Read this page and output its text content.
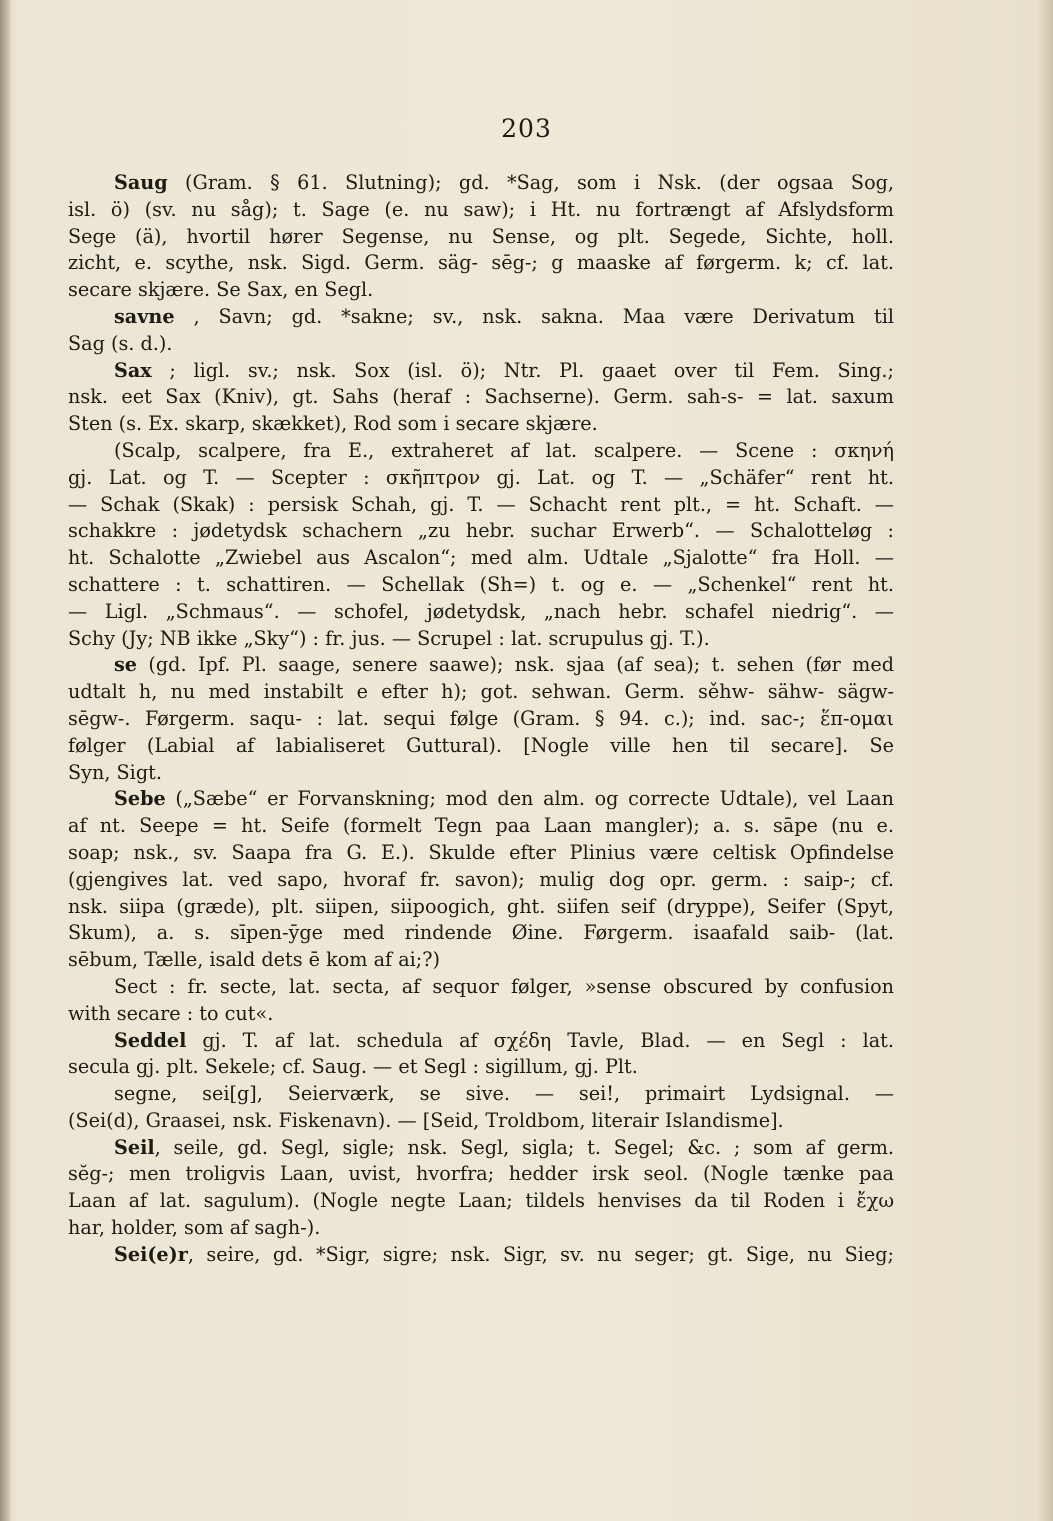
203
Saug (Gram. § 61. Slutning); gd. *Sag, som i Nsk. (der ogsaa Sog,
isl. ö) (sv. nu såg); t. Sage (e. nu saw); i Ht. nu fortrængt af Afslydsform
Sege (ä), hvortil hører Segense, nu Sense, og plt. Segede, Sichte, holl.
zicht, e. scythe, nsk. Sigd. Germ. säg- sēg-; g maaske af førgerm. k; cf. lat.
secare skjære. Se Sax, en Segl.
savne , Savn; gd. *sakne; sv., nsk. sakna. Maa være Derivatum til
Sag (s. d.).
Sax ; ligl. sv.; nsk. Sox (isl. ö); Ntr. Pl. gaaet over til Fem. Sing.;
nsk. eet Sax (Kniv), gt. Sahs (heraf : Sachserne). Germ. sah-s- = lat. saxum
Sten (s. Ex. skarp, skækket), Rod som i secare skjære.
(Scalp, scalpere, fra E., extraheret af lat. scalpere. — Scene : σκηνή
gj. Lat. og T. — Scepter : σκῆπτρον gj. Lat. og T. — „Schäfer“ rent ht.
— Schak (Skak) : persisk Schah, gj. T. — Schacht rent plt., = ht. Schaft. —
schakkre : jødetydsk schachern „zu hebr. suchar Erwerb“. — Schalotteløg :
ht. Schalotte „Zwiebel aus Ascalon“; med alm. Udtale „Sjalotte“ fra Holl. —
schattere : t. schattiren. — Schellak (Sh=) t. og e. — „Schenkel“ rent ht.
— Ligl. „Schmaus“. — schofel, jødetydsk, „nach hebr. schafel niedrig“. —
Schy (Jy; NB ikke „Sky“) : fr. jus. — Scrupel : lat. scrupulus gj. T.).
se (gd. Ipf. Pl. saage, senere saawe); nsk. sjaa (af sea); t. sehen (før med
udtalt h, nu med instabilt e efter h); got. sehwan. Germ. sěhw- sähw- sägw-
sēgw-. Førgerm. saqu- : lat. sequi følge (Gram. § 94. c.); ind. sac-; ἕπ-ομαι
følger (Labial af labialiseret Guttural). [Nogle ville hen til secare]. Se
Syn, Sigt.
Sebe („Sæbe“ er Forvanskning; mod den alm. og correcte Udtale), vel Laan
af nt. Seepe = ht. Seife (formelt Tegn paa Laan mangler); a. s. sāpe (nu e.
soap; nsk., sv. Saapa fra G. E.). Skulde efter Plinius være celtisk Opfindelse
(gjengives lat. ved sapo, hvoraf fr. savon); mulig dog opr. germ. : saip-; cf.
nsk. siipa (græde), plt. siipen, siipoogich, ght. siifen seif (dryppe), Seifer (Spyt,
Skum), a. s. sīpen-ȳge med rindende Øine. Førgerm. isaafald saib- (lat.
sēbum, Tælle, isald dets ē kom af ai;?)
Sect : fr. secte, lat. secta, af sequor følger, »sense obscured by confusion
with secare : to cut«.
Seddel gj. T. af lat. schedula af σχέδη Tavle, Blad. — en Segl : lat.
secula gj. plt. Sekele; cf. Saug. — et Segl : sigillum, gj. Plt.
segne, sei[g], Seierværk, se sive. — sei!, primairt Lydsignal. —
(Sei(d), Graasei, nsk. Fiskenavn). — [Seid, Troldbom, literair Islandisme].
Seil, seile, gd. Segl, sigle; nsk. Segl, sigla; t. Segel; &c. ; som af germ.
sĕg-; men troligvis Laan, uvist, hvorfra; hedder irsk seol. (Nogle tænke paa
Laan af lat. sagulum). (Nogle negte Laan; tildels henvises da til Roden i ἔχω
har, holder, som af sagh-).
Sei(e)r, seire, gd. *Sigr, sigre; nsk. Sigr, sv. nu seger; gt. Sige, nu Sieg;
